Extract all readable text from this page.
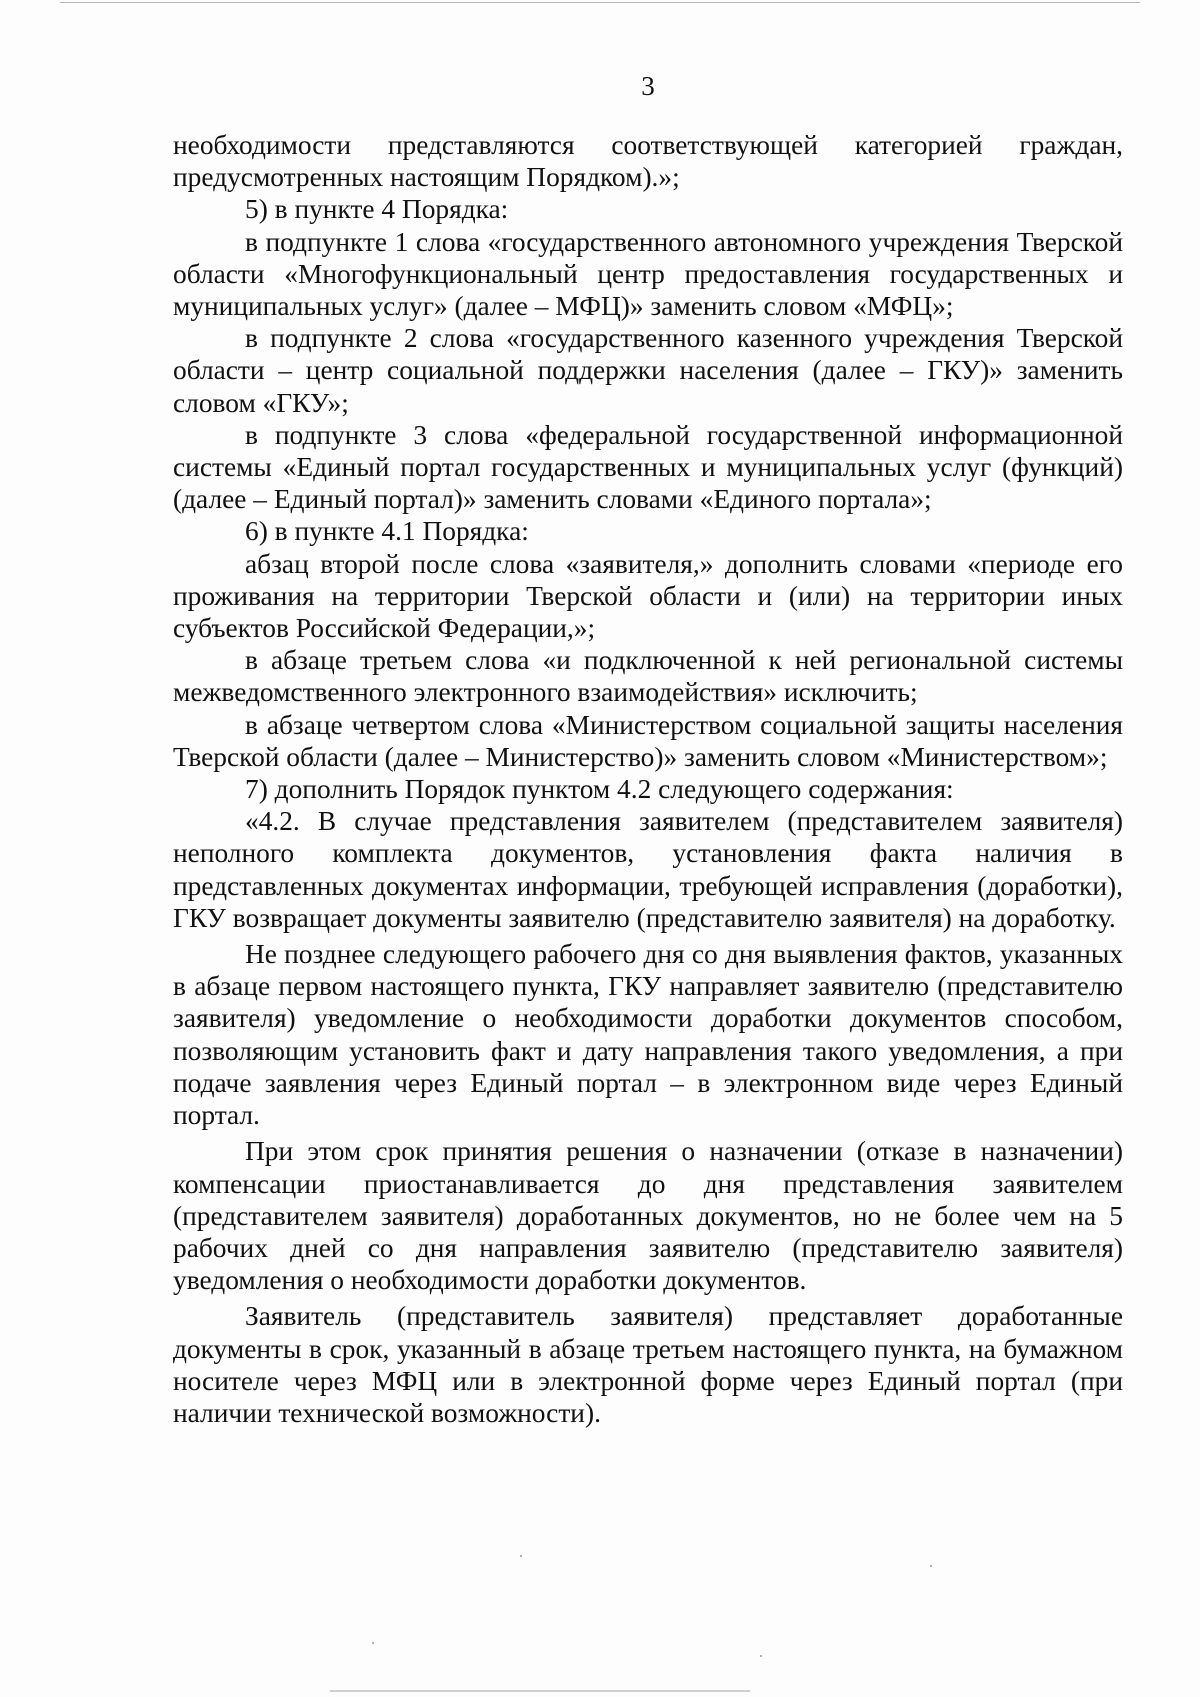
3

необходимости представляются соответствующей категорией граждан, предусмотренных настоящим Порядком).»;

5) в пункте 4 Порядка:

в подпункте 1 слова «государственного автономного учреждения Тверской области «Многофункциональный центр предоставления государственных и муниципальных услуг» (далее – МФЦ)» заменить словом «МФЦ»;

в подпункте 2 слова «государственного казенного учреждения Тверской области – центр социальной поддержки населения (далее – ГКУ)» заменить словом «ГКУ»;

в подпункте 3 слова «федеральной государственной информационной системы «Единый портал государственных и муниципальных услуг (функций) (далее – Единый портал)» заменить словами «Единого портала»;

6) в пункте 4.1 Порядка:

абзац второй после слова «заявителя,» дополнить словами «периоде его проживания на территории Тверской области и (или) на территории иных субъектов Российской Федерации,»;

в абзаце третьем слова «и подключенной к ней региональной системы межведомственного электронного взаимодействия» исключить;

в абзаце четвертом слова «Министерством социальной защиты населения Тверской области (далее – Министерство)» заменить словом «Министерством»;

7) дополнить Порядок пунктом 4.2 следующего содержания:

«4.2. В случае представления заявителем (представителем заявителя) неполного комплекта документов, установления факта наличия в представленных документах информации, требующей исправления (доработки), ГКУ возвращает документы заявителю (представителю заявителя) на доработку.

Не позднее следующего рабочего дня со дня выявления фактов, указанных в абзаце первом настоящего пункта, ГКУ направляет заявителю (представителю заявителя) уведомление о необходимости доработки документов способом, позволяющим установить факт и дату направления такого уведомления, а при подаче заявления через Единый портал – в электронном виде через Единый портал.

При этом срок принятия решения о назначении (отказе в назначении) компенсации приостанавливается до дня представления заявителем (представителем заявителя) доработанных документов, но не более чем на 5 рабочих дней со дня направления заявителю (представителю заявителя) уведомления о необходимости доработки документов.

Заявитель (представитель заявителя) представляет доработанные документы в срок, указанный в абзаце третьем настоящего пункта, на бумажном носителе через МФЦ или в электронной форме через Единый портал (при наличии технической возможности).
